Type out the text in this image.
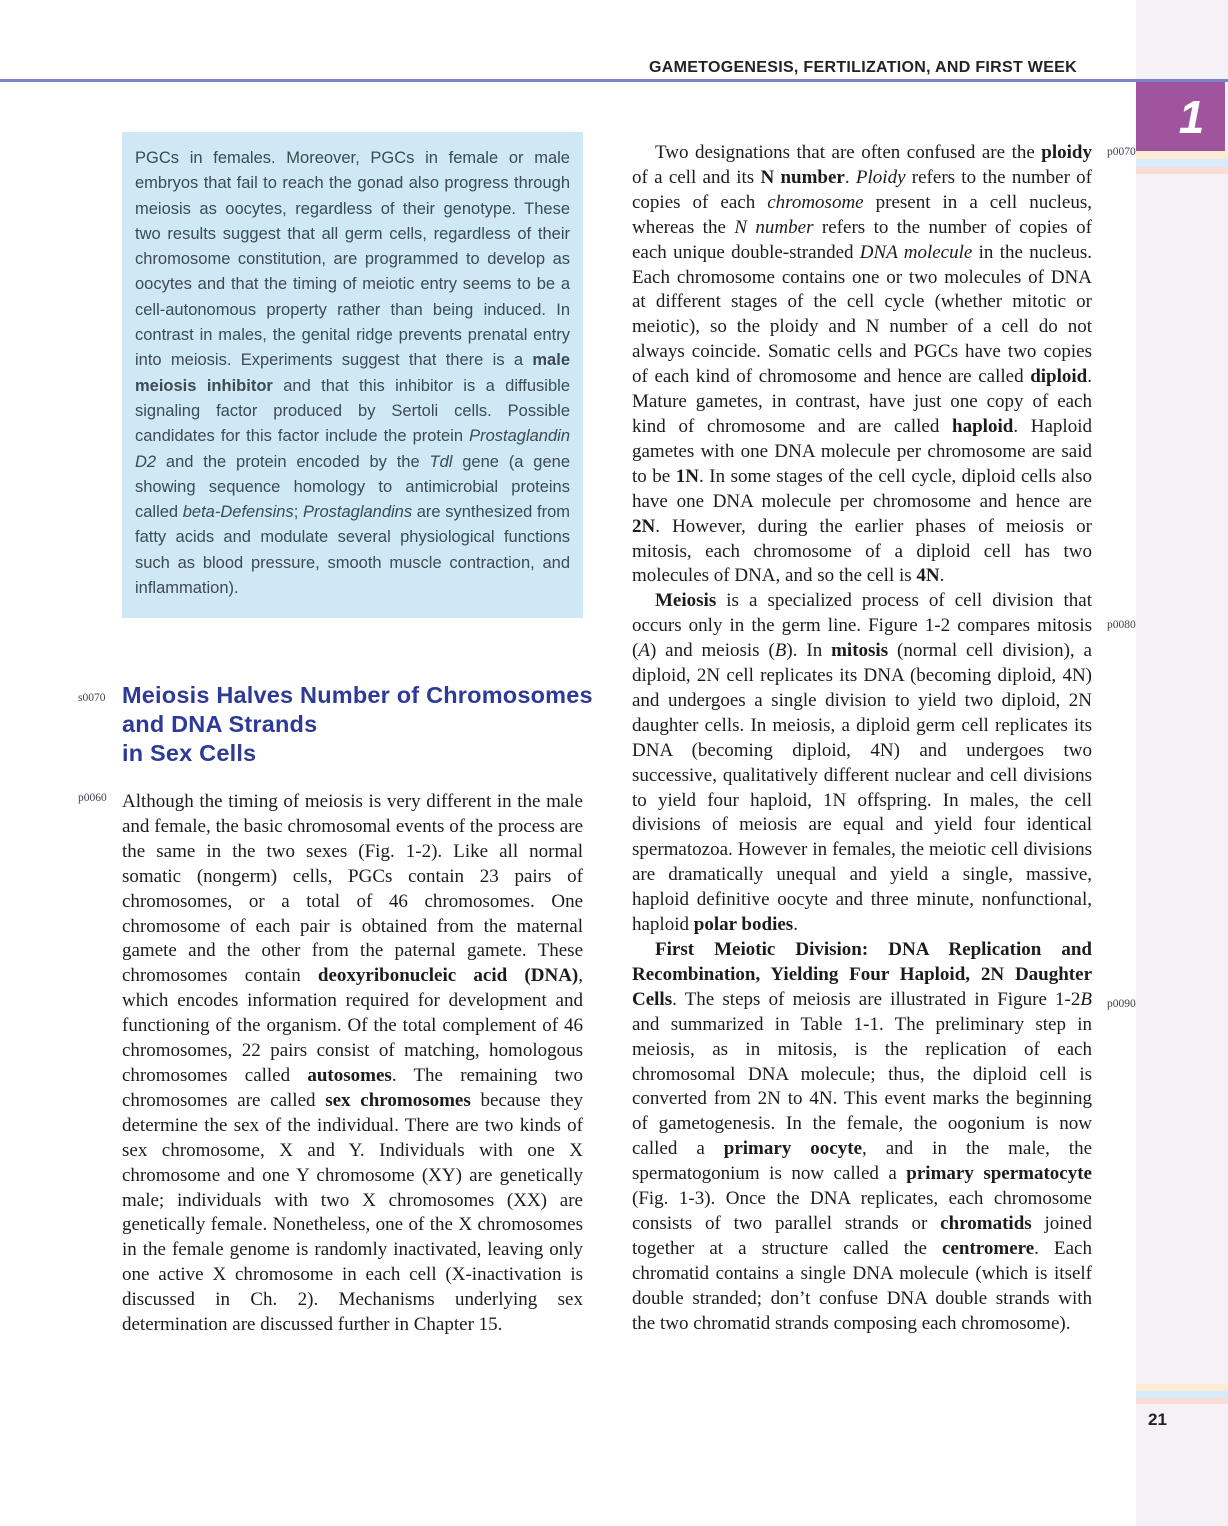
GAMETOGENESIS, FERTILIZATION, AND FIRST WEEK
1
s0070
p0060
p0070
p0080
p0090
PGCs in females. Moreover, PGCs in female or male embryos that fail to reach the gonad also progress through meiosis as oocytes, regardless of their genotype. These two results suggest that all germ cells, regardless of their chromosome constitution, are programmed to develop as oocytes and that the timing of meiotic entry seems to be a cell-autonomous property rather than being induced. In contrast in males, the genital ridge prevents prenatal entry into meiosis. Experiments suggest that there is a male meiosis inhibitor and that this inhibitor is a diffusible signaling factor produced by Sertoli cells. Possible candidates for this factor include the protein Prostaglandin D2 and the protein encoded by the Tdl gene (a gene showing sequence homology to antimicrobial proteins called beta-Defensins; Prostaglandins are synthesized from fatty acids and modulate several physiological functions such as blood pressure, smooth muscle contraction, and inflammation).
Meiosis Halves Number of Chromosomes
and DNA Strands
in Sex Cells

Although the timing of meiosis is very different in the male and female, the basic chromosomal events of the process are the same in the two sexes (Fig. 1-2). Like all normal somatic (nongerm) cells, PGCs contain 23 pairs of chromosomes, or a total of 46 chromosomes. One chromosome of each pair is obtained from the maternal gamete and the other from the paternal gamete. These chromosomes contain deoxyribonucleic acid (DNA), which encodes information required for development and functioning of the organism. Of the total complement of 46 chromosomes, 22 pairs consist of matching, homologous chromosomes called autosomes. The remaining two chromosomes are called sex chromosomes because they determine the sex of the individual. There are two kinds of sex chromosome, X and Y. Individuals with one X chromosome and one Y chromosome (XY) are genetically male; individuals with two X chromosomes (XX) are genetically female. Nonetheless, one of the X chromosomes in the female genome is randomly inactivated, leaving only one active X chromosome in each cell (X-inactivation is discussed in Ch. 2). Mechanisms underlying sex determination are discussed further in Chapter 15.

Two designations that are often confused are the ploidy of a cell and its N number. Ploidy refers to the number of copies of each chromosome present in a cell nucleus, whereas the N number refers to the number of copies of each unique double-stranded DNA molecule in the nucleus. Each chromosome contains one or two molecules of DNA at different stages of the cell cycle (whether mitotic or meiotic), so the ploidy and N number of a cell do not always coincide. Somatic cells and PGCs have two copies of each kind of chromosome and hence are called diploid. Mature gametes, in contrast, have just one copy of each kind of chromosome and are called haploid. Haploid gametes with one DNA molecule per chromosome are said to be 1N. In some stages of the cell cycle, diploid cells also have one DNA molecule per chromosome and hence are 2N. However, during the earlier phases of meiosis or mitosis, each chromosome of a diploid cell has two molecules of DNA, and so the cell is 4N.

Meiosis is a specialized process of cell division that occurs only in the germ line. Figure 1-2 compares mitosis (A) and meiosis (B). In mitosis (normal cell division), a diploid, 2N cell replicates its DNA (becoming diploid, 4N) and undergoes a single division to yield two diploid, 2N daughter cells. In meiosis, a diploid germ cell replicates its DNA (becoming diploid, 4N) and undergoes two successive, qualitatively different nuclear and cell divisions to yield four haploid, 1N offspring. In males, the cell divisions of meiosis are equal and yield four identical spermatozoa. However in females, the meiotic cell divisions are dramatically unequal and yield a single, massive, haploid definitive oocyte and three minute, nonfunctional, haploid polar bodies.

First Meiotic Division: DNA Replication and Recombination, Yielding Four Haploid, 2N Daughter Cells. The steps of meiosis are illustrated in Figure 1-2B and summarized in Table 1-1. The preliminary step in meiosis, as in mitosis, is the replication of each chromosomal DNA molecule; thus, the diploid cell is converted from 2N to 4N. This event marks the beginning of gametogenesis. In the female, the oogonium is now called a primary oocyte, and in the male, the spermatogonium is now called a primary spermatocyte (Fig. 1-3). Once the DNA replicates, each chromosome consists of two parallel strands or chromatids joined together at a structure called the centromere. Each chromatid contains a single DNA molecule (which is itself double stranded; don’t confuse DNA double strands with the two chromatid strands composing each chromosome).

21
